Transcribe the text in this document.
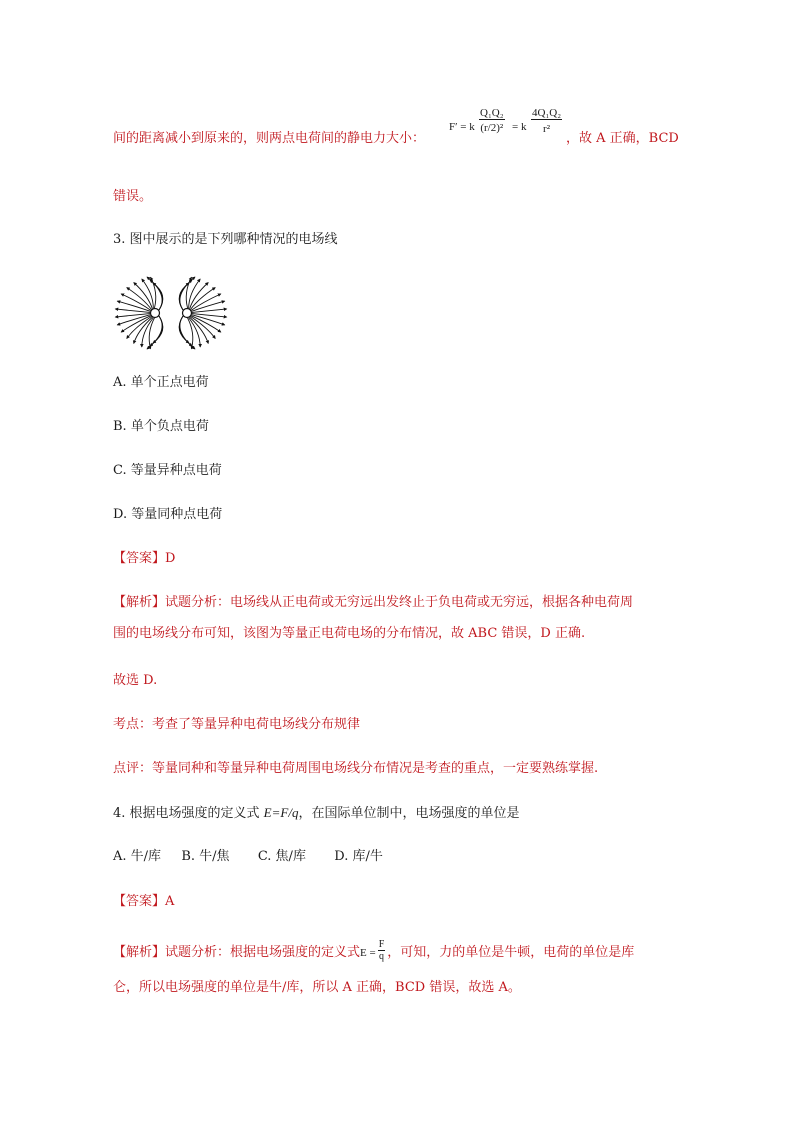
间的距离减小到原来的，则两点电荷间的静电力大小：
F′ = k $\frac{\text{Q₁Q₂}}{\text{(r/2)²}} = k \frac{\text{4Q₁Q₂}}{\text{r²}}$
，故 A 正确，BCD
错误。
3. 图中展示的是下列哪种情况的电场线
A. 单个正点电荷
B. 单个负点电荷
C. 等量异种点电荷
D. 等量同种点电荷
【答案】D
【解析】试题分析：电场线从正电荷或无穷远出发终止于负电荷或无穷远，根据各种电荷周
围的电场线分布可知，该图为等量正电荷电场的分布情况，故 ABC 错误，D 正确.
故选 D.
考点：考查了等量异种电荷电场线分布规律
点评：等量同种和等量异种电荷周围电场线分布情况是考查的重点，一定要熟练掌握.
4. 根据电场强度的定义式 E=F/q，在国际单位制中，电场强度的单位是
A. 牛/库 B. 牛/焦 C. 焦/库 D. 库/牛
【答案】A
【解析】试题分析：根据电场强度的定义式$E = \frac{F}{q}$ ，可知，力的单位是牛顿，电荷的单位是库
仑，所以电场强度的单位是牛/库，所以 A 正确，BCD 错误，故选 A。
